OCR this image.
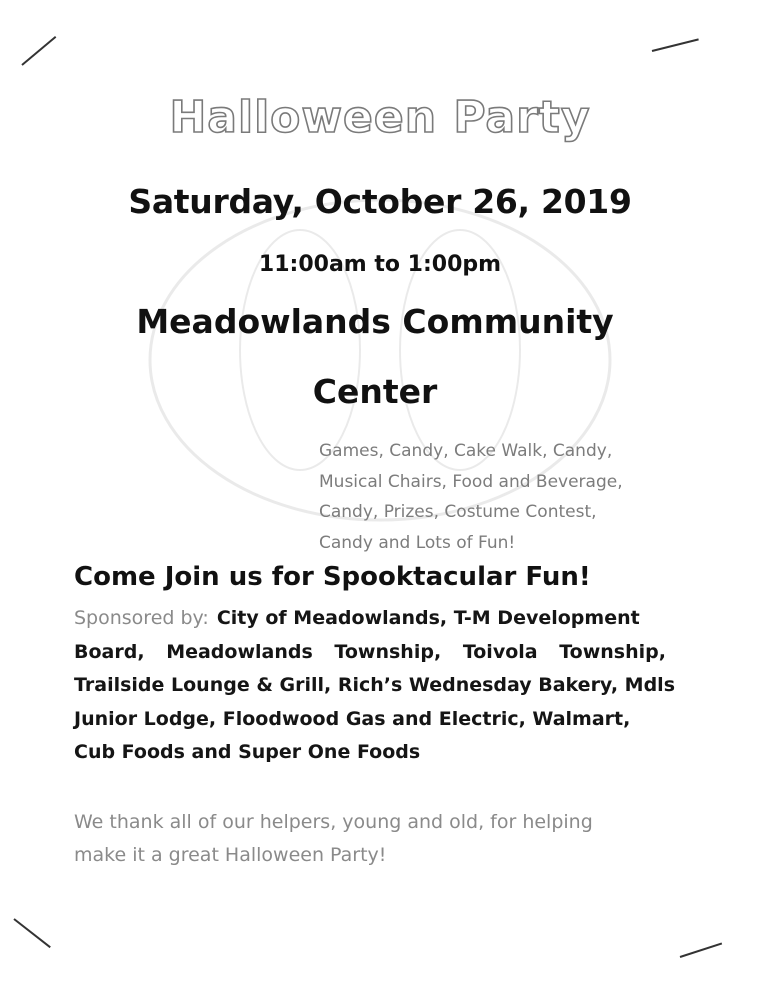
Halloween Party
Saturday, October 26, 2019
11:00am to 1:00pm
Meadowlands Community
Center
Games, Candy, Cake Walk, Candy,
Musical Chairs, Food and Beverage,
Candy, Prizes, Costume Contest,
Candy and Lots of Fun!
Come Join us for Spooktacular Fun!
Sponsored by: City of Meadowlands, T-M Development
Board, Meadowlands Township, Toivola Township,
Trailside Lounge & Grill, Rich’s Wednesday Bakery, Mdls
Junior Lodge, Floodwood Gas and Electric, Walmart,
Cub Foods and Super One Foods
We thank all of our helpers, young and old, for helping
make it a great Halloween Party!
